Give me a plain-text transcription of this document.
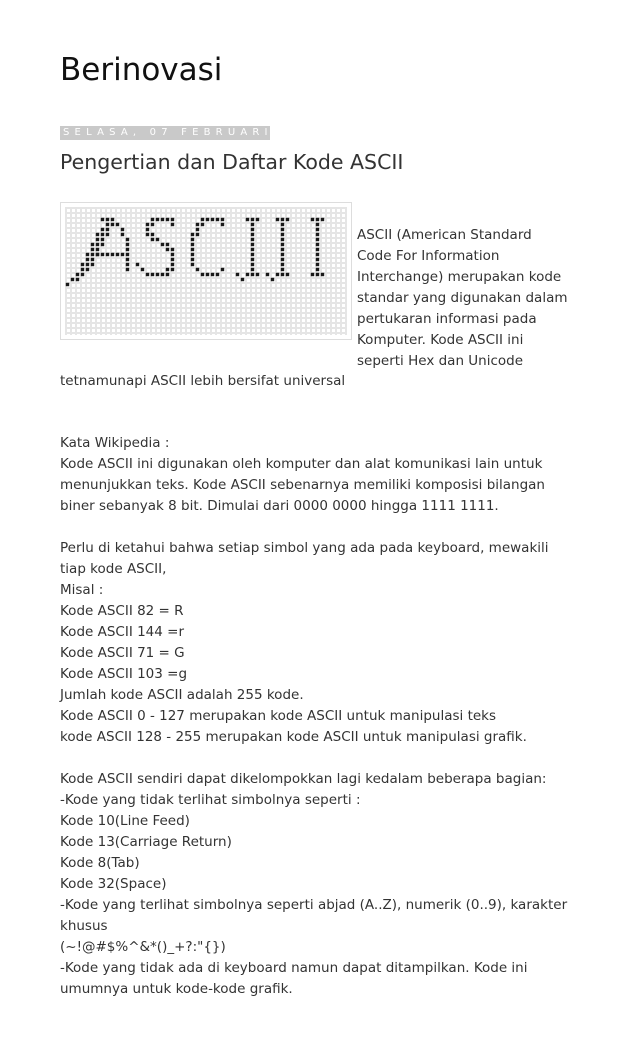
Berinovasi
SELASA, 07 FEBRUARI 2012
Pengertian dan Daftar Kode ASCII

ASCII (American Standard
Code For Information
Interchange) merupakan kode
standar yang digunakan dalam
pertukaran informasi pada
Komputer. Kode ASCII ini
seperti Hex dan Unicode

tetnamunapi ASCII lebih bersifat universal
Kata Wikipedia :
Kode ASCII ini digunakan oleh komputer dan alat komunikasi lain untuk
menunjukkan teks. Kode ASCII sebenarnya memiliki komposisi bilangan
biner sebanyak 8 bit. Dimulai dari 0000 0000 hingga 1111 1111.
Perlu di ketahui bahwa setiap simbol yang ada pada keyboard, mewakili
tiap kode ASCII,
Misal :
Kode ASCII 82 = R
Kode ASCII 144 =r
Kode ASCII 71 = G
Kode ASCII 103 =g
Jumlah kode ASCII adalah 255 kode.
Kode ASCII 0 - 127 merupakan kode ASCII untuk manipulasi teks
kode ASCII 128 - 255 merupakan kode ASCII untuk manipulasi grafik.
Kode ASCII sendiri dapat dikelompokkan lagi kedalam beberapa bagian:
-Kode yang tidak terlihat simbolnya seperti :
Kode 10(Line Feed)
Kode 13(Carriage Return)
Kode 8(Tab)
Kode 32(Space)
-Kode yang terlihat simbolnya seperti abjad (A..Z), numerik (0..9), karakter
khusus
(~!@#$%^&*()_+?:"{})
-Kode yang tidak ada di keyboard namun dapat ditampilkan. Kode ini
umumnya untuk kode-kode grafik.
